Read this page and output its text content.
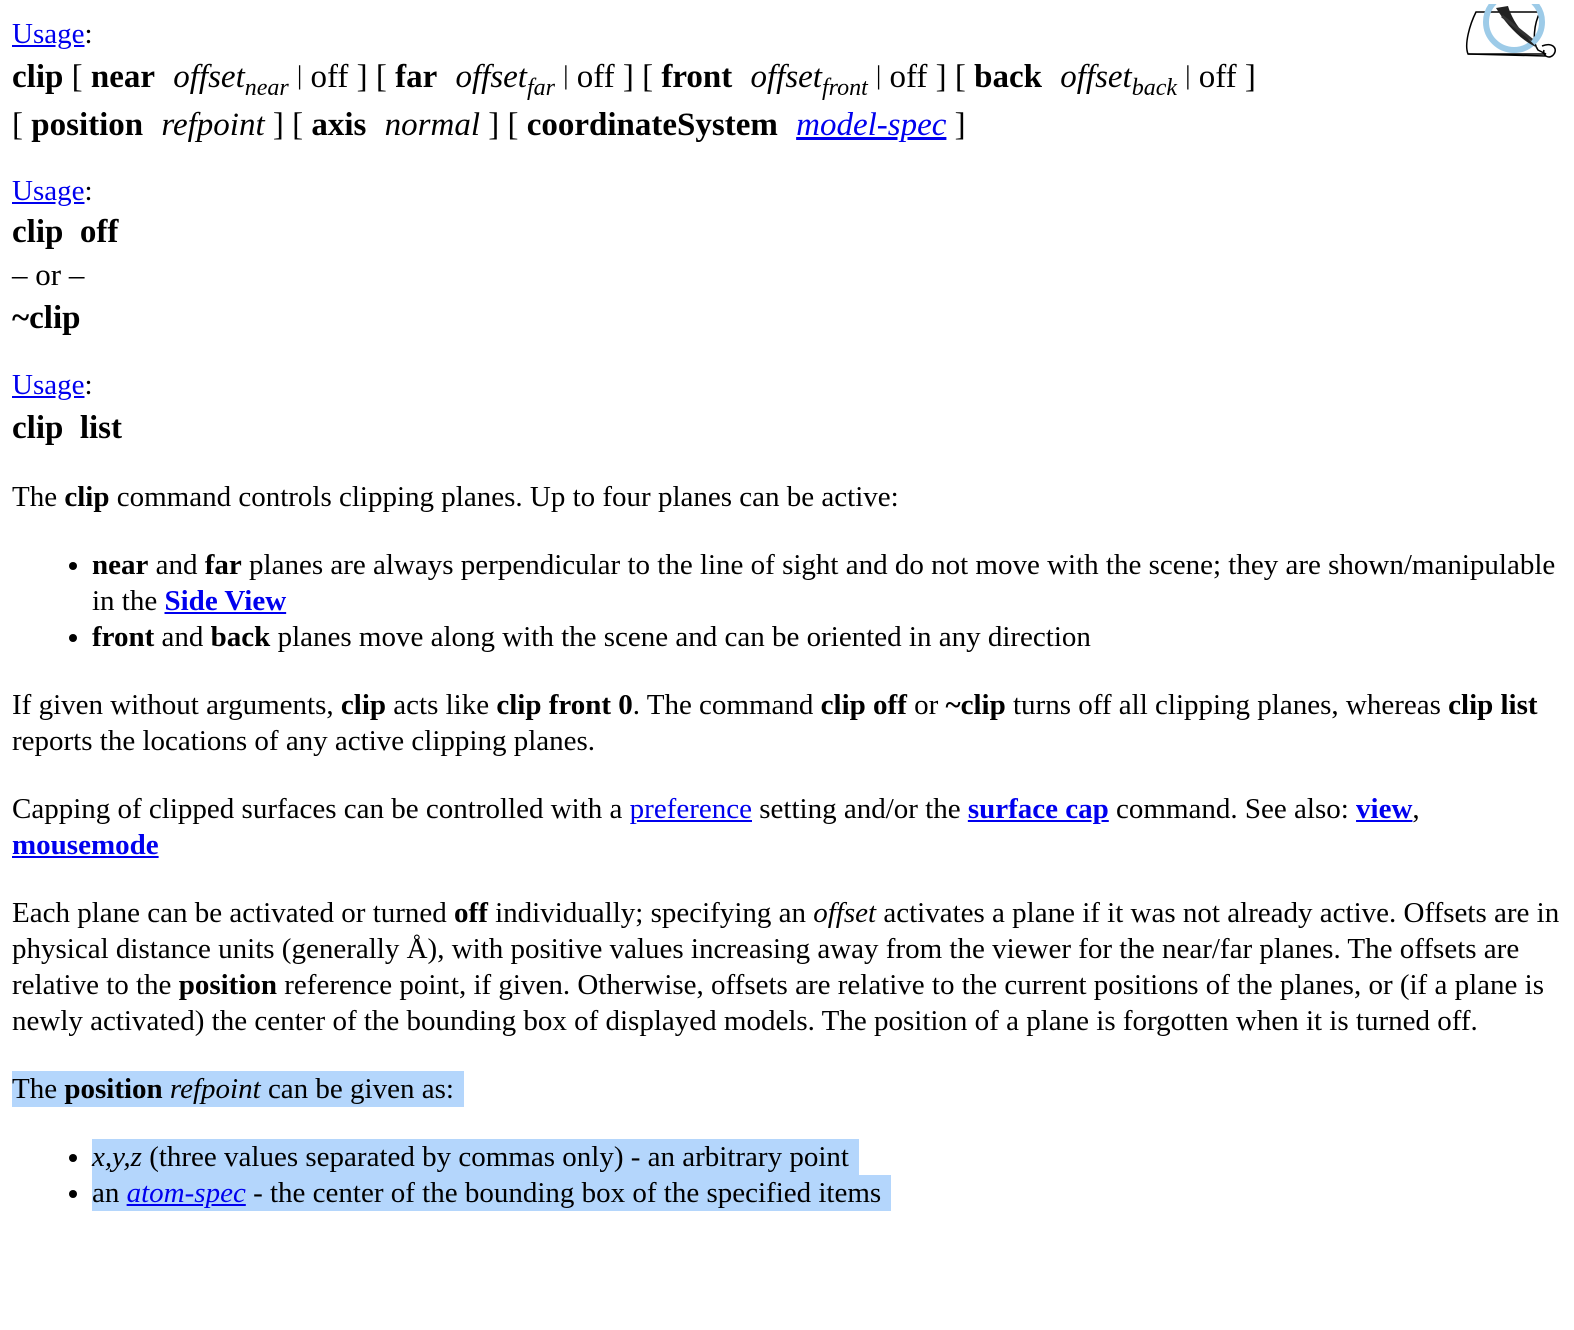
Usage:
clip [ near offset$_{near}$ | off ] [ far offset$_{far}$ | off ] [ front offset$_{front}$ | off ] [ back offset$_{back}$ | off ]
[ position refpoint ] [ axis normal ] [ coordinateSystem model-spec ]
Usage:
clip  off
– or –
~clip
Usage:
clip  list

The clip command controls clipping planes. Up to four planes can be active:

• near and far planes are always perpendicular to the line of sight and do not move with the scene; they are shown/manipulable in the Side View
• front and back planes move along with the scene and can be oriented in any direction

If given without arguments, clip acts like clip front 0. The command clip off or ~clip turns off all clipping planes, whereas clip list reports the locations of any active clipping planes.

Capping of clipped surfaces can be controlled with a preference setting and/or the surface cap command. See also: view, mousemode

Each plane can be activated or turned off individually; specifying an offset activates a plane if it was not already active. Offsets are in physical distance units (generally Å), with positive values increasing away from the viewer for the near/far planes. The offsets are relative to the position reference point, if given. Otherwise, offsets are relative to the current positions of the planes, or (if a plane is newly activated) the center of the bounding box of displayed models. The position of a plane is forgotten when it is turned off.

The position refpoint can be given as:

• x,y,z (three values separated by commas only) - an arbitrary point
• an atom-spec - the center of the bounding box of the specified items
